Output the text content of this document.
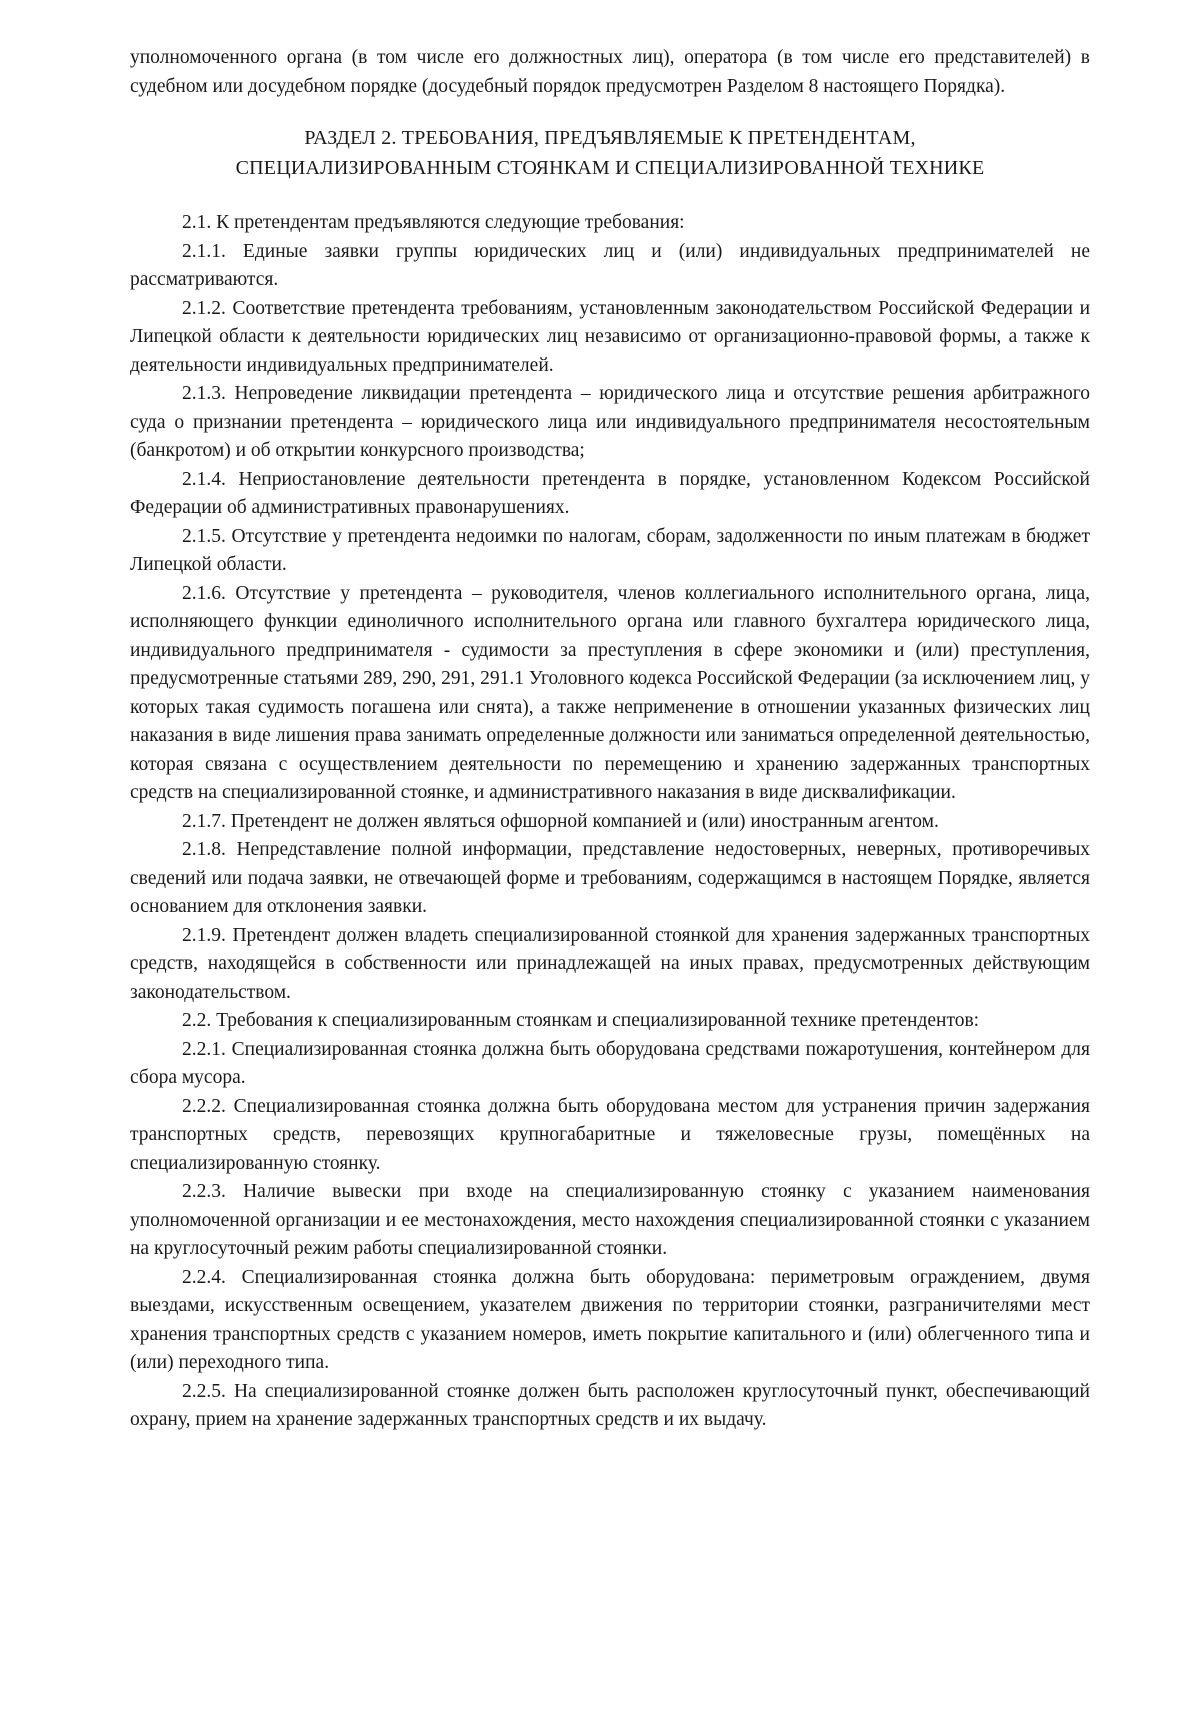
уполномоченного органа (в том числе его должностных лиц), оператора (в том числе его представителей) в судебном или досудебном порядке (досудебный порядок предусмотрен Разделом 8 настоящего Порядка).

РАЗДЕЛ 2. ТРЕБОВАНИЯ, ПРЕДЪЯВЛЯЕМЫЕ К ПРЕТЕНДЕНТАМ,
СПЕЦИАЛИЗИРОВАННЫМ СТОЯНКАМ И СПЕЦИАЛИЗИРОВАННОЙ ТЕХНИКЕ

2.1. К претендентам предъявляются следующие требования:

2.1.1. Единые заявки группы юридических лиц и (или) индивидуальных предпринимателей не рассматриваются.

2.1.2. Соответствие претендента требованиям, установленным законодательством Российской Федерации и Липецкой области к деятельности юридических лиц независимо от организационно-правовой формы, а также к деятельности индивидуальных предпринимателей.

2.1.3. Непроведение ликвидации претендента – юридического лица и отсутствие решения арбитражного суда о признании претендента – юридического лица или индивидуального предпринимателя несостоятельным (банкротом) и об открытии конкурсного производства;

2.1.4. Неприостановление деятельности претендента в порядке, установленном Кодексом Российской Федерации об административных правонарушениях.

2.1.5. Отсутствие у претендента недоимки по налогам, сборам, задолженности по иным платежам в бюджет Липецкой области.

2.1.6. Отсутствие у претендента – руководителя, членов коллегиального исполнительного органа, лица, исполняющего функции единоличного исполнительного органа или главного бухгалтера юридического лица, индивидуального предпринимателя - судимости за преступления в сфере экономики и (или) преступления, предусмотренные статьями 289, 290, 291, 291.1 Уголовного кодекса Российской Федерации (за исключением лиц, у которых такая судимость погашена или снята), а также неприменение в отношении указанных физических лиц наказания в виде лишения права занимать определенные должности или заниматься определенной деятельностью, которая связана с осуществлением деятельности по перемещению и хранению задержанных транспортных средств на специализированной стоянке, и административного наказания в виде дисквалификации.

2.1.7. Претендент не должен являться офшорной компанией и (или) иностранным агентом.

2.1.8. Непредставление полной информации, представление недостоверных, неверных, противоречивых сведений или подача заявки, не отвечающей форме и требованиям, содержащимся в настоящем Порядке, является основанием для отклонения заявки.

2.1.9. Претендент должен владеть специализированной стоянкой для хранения задержанных транспортных средств, находящейся в собственности или принадлежащей на иных правах, предусмотренных действующим законодательством.

2.2. Требования к специализированным стоянкам и специализированной технике претендентов:

2.2.1. Специализированная стоянка должна быть оборудована средствами пожаротушения, контейнером для сбора мусора.

2.2.2. Специализированная стоянка должна быть оборудована местом для устранения причин задержания транспортных средств, перевозящих крупногабаритные и тяжеловесные грузы, помещённых на специализированную стоянку.

2.2.3. Наличие вывески при входе на специализированную стоянку с указанием наименования уполномоченной организации и ее местонахождения, место нахождения специализированной стоянки с указанием на круглосуточный режим работы специализированной стоянки.

2.2.4. Специализированная стоянка должна быть оборудована: периметровым ограждением, двумя выездами, искусственным освещением, указателем движения по территории стоянки, разграничителями мест хранения транспортных средств с указанием номеров, иметь покрытие капитального и (или) облегченного типа и (или) переходного типа.

2.2.5. На специализированной стоянке должен быть расположен круглосуточный пункт, обеспечивающий охрану, прием на хранение задержанных транспортных средств и их выдачу.
